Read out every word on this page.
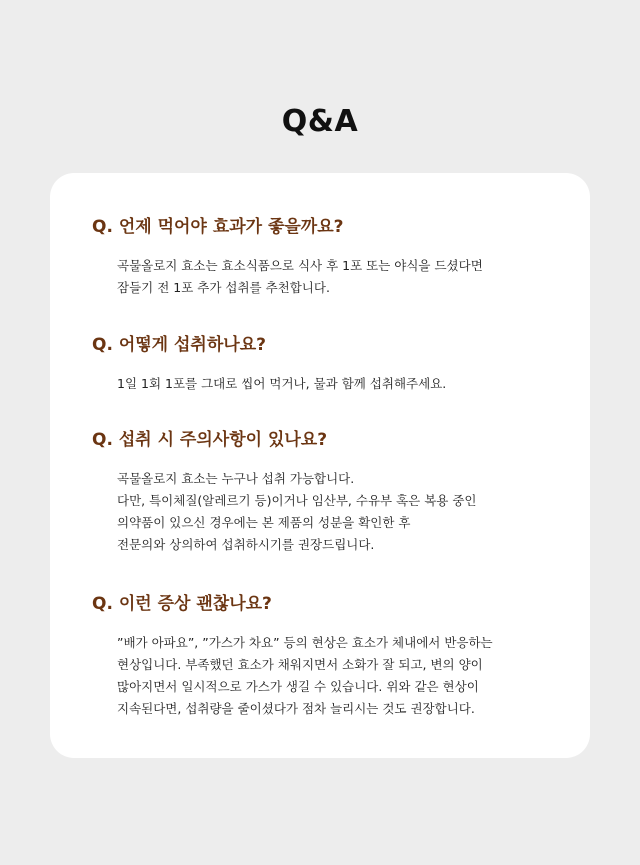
Q&A
Q. 언제 먹어야 효과가 좋을까요?
곡물올로지 효소는 효소식품으로 식사 후 1포 또는 야식을 드셨다면
잠들기 전 1포 추가 섭취를 추천합니다.
Q. 어떻게 섭취하나요?
1일 1회 1포를 그대로 씹어 먹거나, 물과 함께 섭취해주세요.
Q. 섭취 시 주의사항이 있나요?
곡물올로지 효소는 누구나 섭취 가능합니다.
다만, 특이체질(알레르기 등)이거나 임산부, 수유부 혹은 복용 중인
의약품이 있으신 경우에는 본 제품의 성분을 확인한 후
전문의와 상의하여 섭취하시기를 권장드립니다.
Q. 이런 증상 괜찮나요?
”배가 아파요”, ”가스가 차요” 등의 현상은 효소가 체내에서 반응하는
현상입니다. 부족했던 효소가 채워지면서 소화가 잘 되고, 변의 양이
많아지면서 일시적으로 가스가 생길 수 있습니다. 위와 같은 현상이
지속된다면, 섭취량을 줄이셨다가 점차 늘리시는 것도 권장합니다.
